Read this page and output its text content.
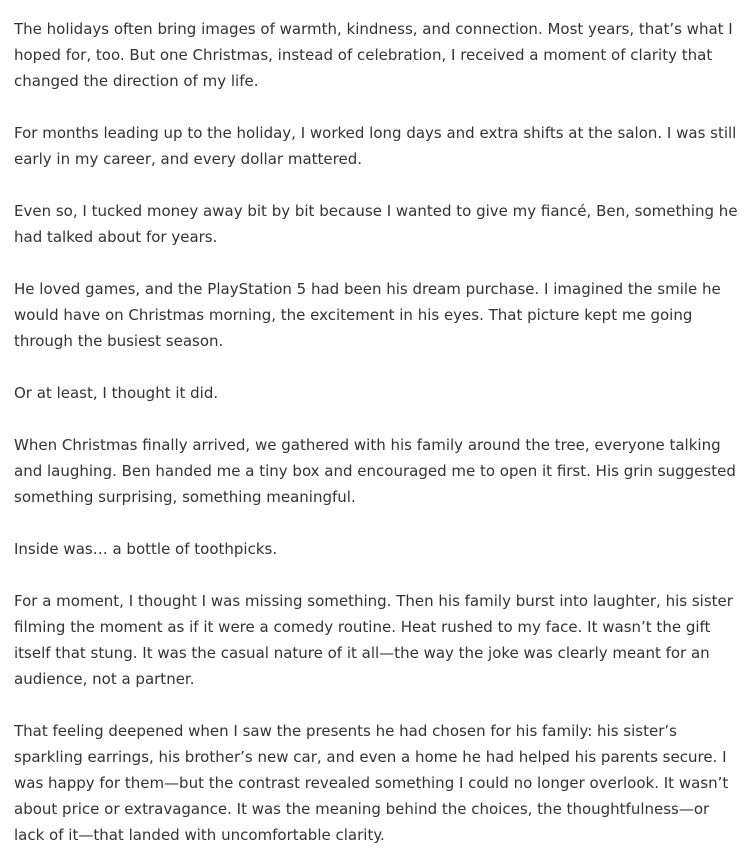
The holidays often bring images of warmth, kindness, and connection. Most years, that’s what I hoped for, too. But one Christmas, instead of celebration, I received a moment of clarity that changed the direction of my life.

For months leading up to the holiday, I worked long days and extra shifts at the salon. I was still early in my career, and every dollar mattered.

Even so, I tucked money away bit by bit because I wanted to give my fiancé, Ben, something he had talked about for years.

He loved games, and the PlayStation 5 had been his dream purchase. I imagined the smile he would have on Christmas morning, the excitement in his eyes. That picture kept me going through the busiest season.

Or at least, I thought it did.

When Christmas finally arrived, we gathered with his family around the tree, everyone talking and laughing. Ben handed me a tiny box and encouraged me to open it first. His grin suggested something surprising, something meaningful.

Inside was… a bottle of toothpicks.

For a moment, I thought I was missing something. Then his family burst into laughter, his sister filming the moment as if it were a comedy routine. Heat rushed to my face. It wasn’t the gift itself that stung. It was the casual nature of it all—the way the joke was clearly meant for an audience, not a partner.

That feeling deepened when I saw the presents he had chosen for his family: his sister’s sparkling earrings, his brother’s new car, and even a home he had helped his parents secure. I was happy for them—but the contrast revealed something I could no longer overlook. It wasn’t about price or extravagance. It was the meaning behind the choices, the thoughtfulness—or lack of it—that landed with uncomfortable clarity.
